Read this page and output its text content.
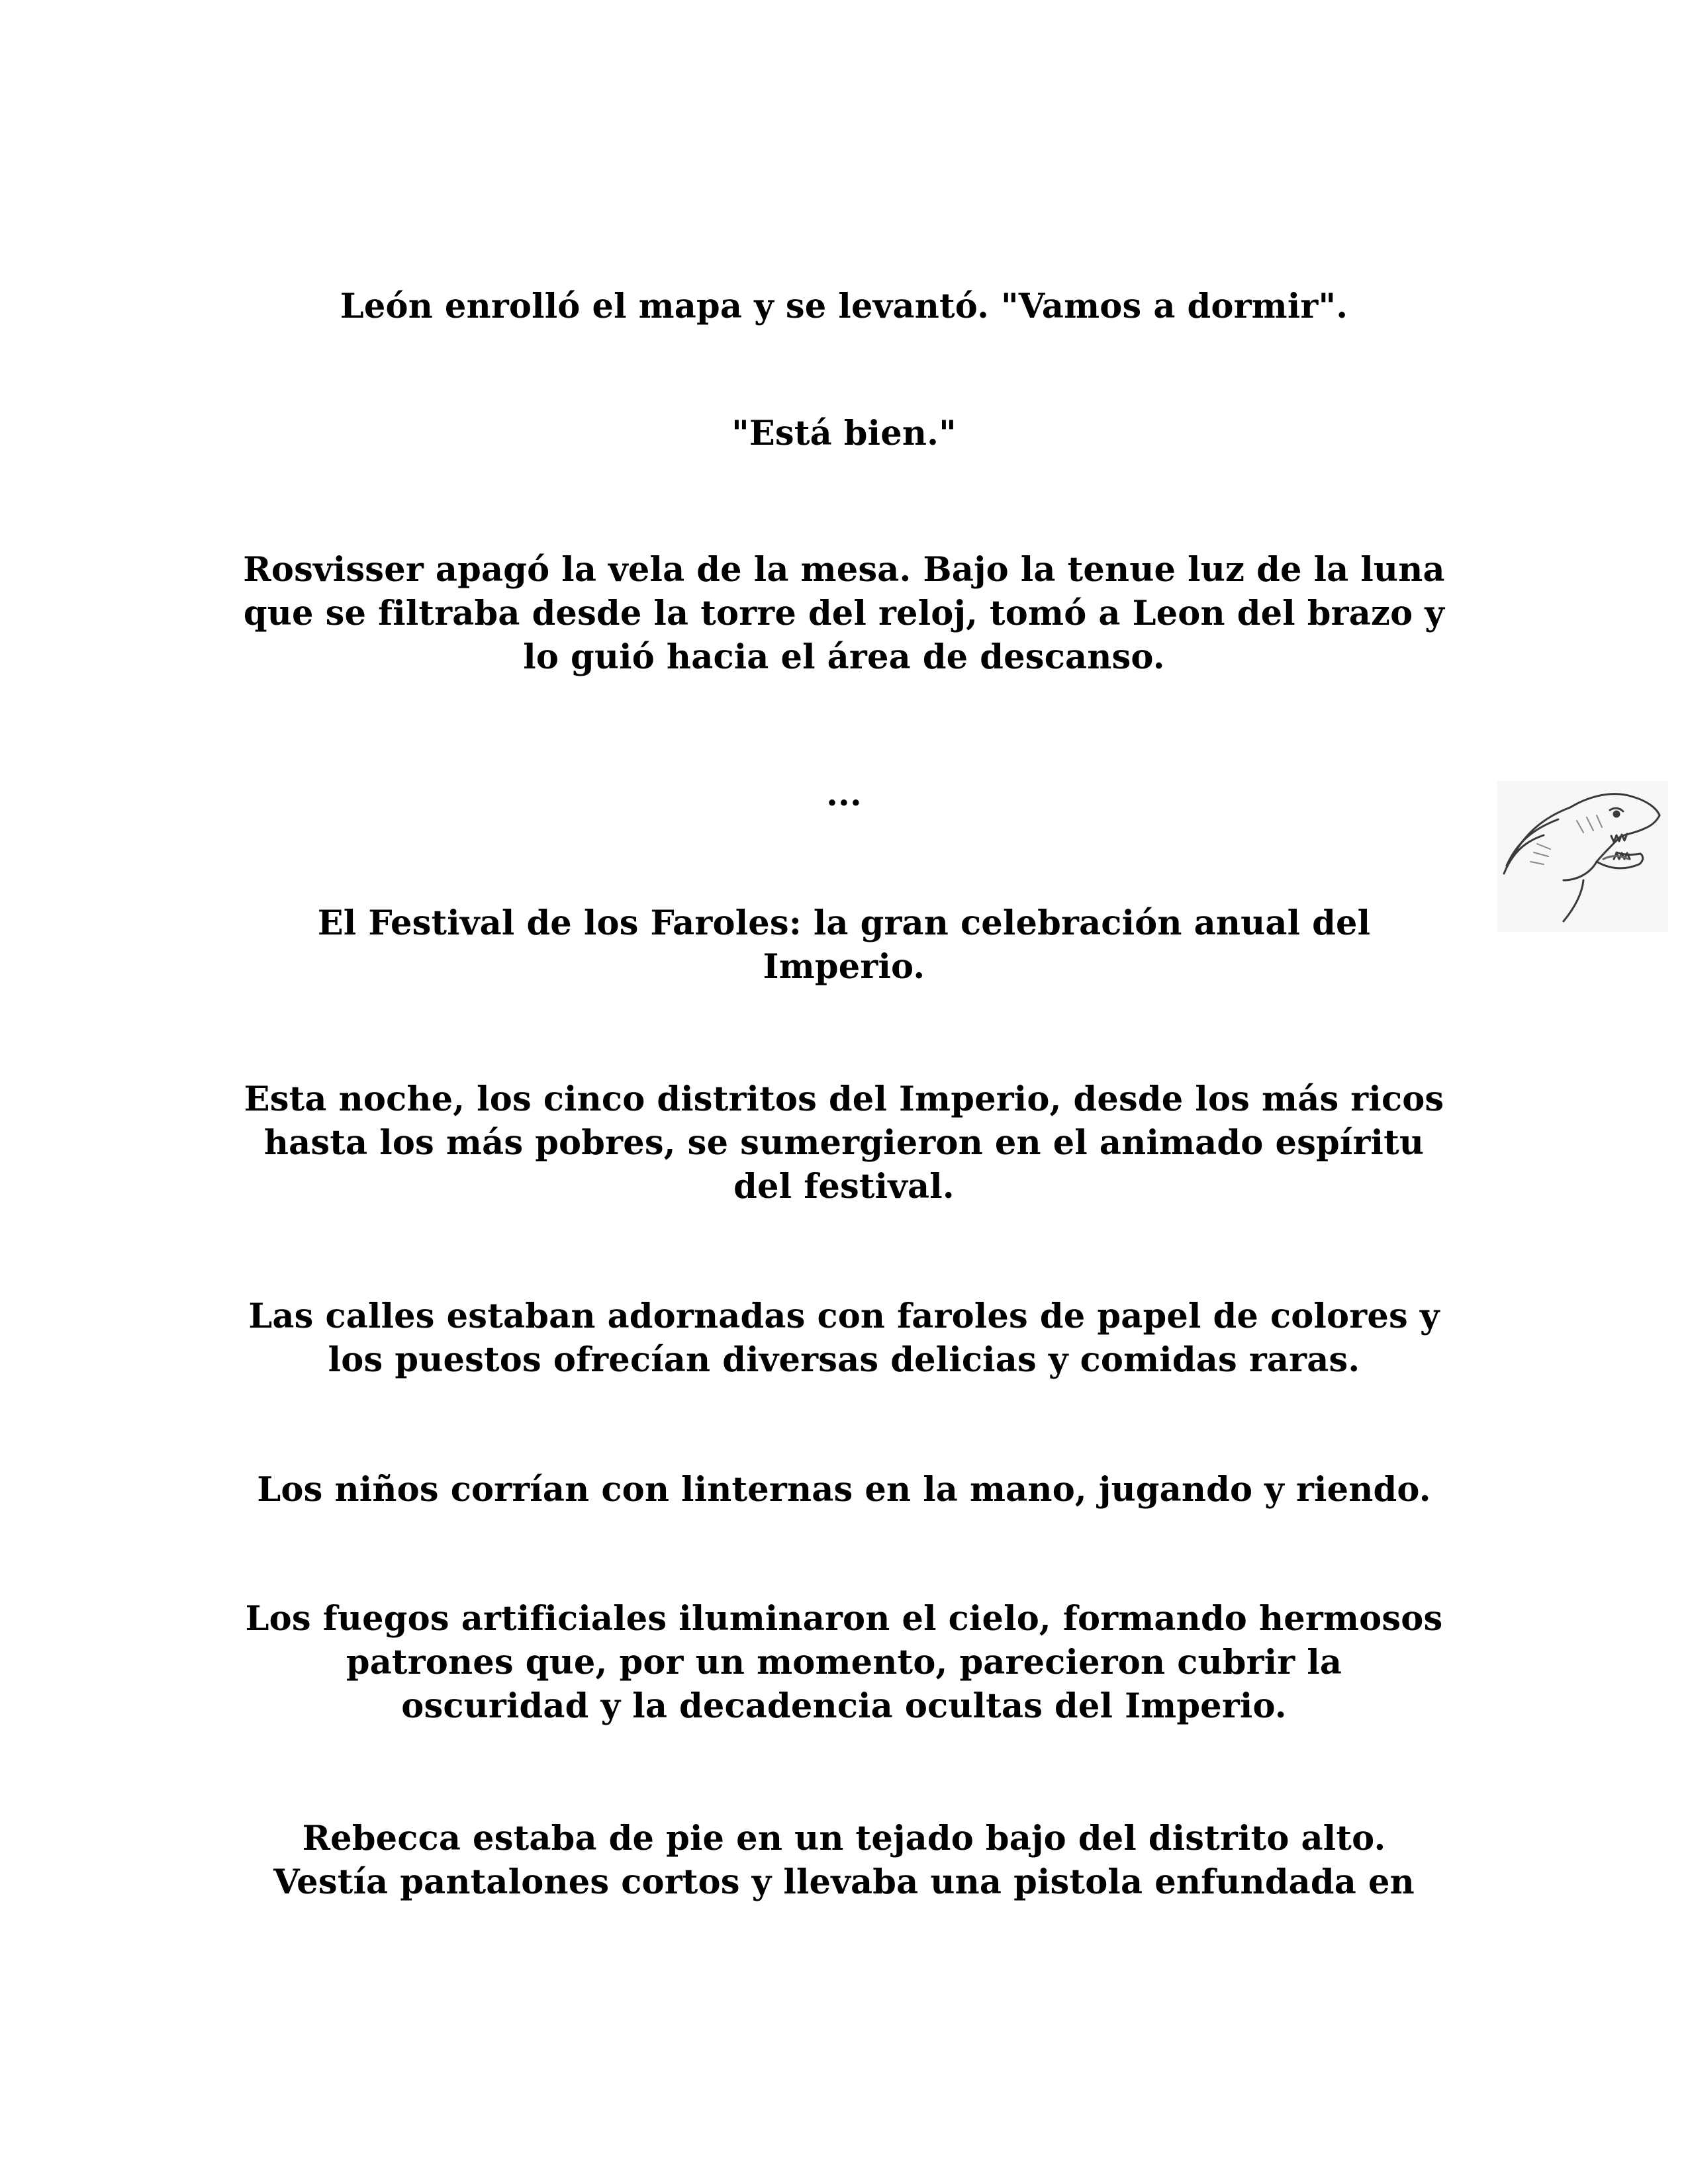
León enrolló el mapa y se levantó. "Vamos a dormir".
"Está bien."
Rosvisser apagó la vela de la mesa. Bajo la tenue luz de la luna
que se filtraba desde la torre del reloj, tomó a Leon del brazo y
lo guió hacia el área de descanso.
...
El Festival de los Faroles: la gran celebración anual del
Imperio.
Esta noche, los cinco distritos del Imperio, desde los más ricos
hasta los más pobres, se sumergieron en el animado espíritu
del festival.
Las calles estaban adornadas con faroles de papel de colores y
los puestos ofrecían diversas delicias y comidas raras.
Los niños corrían con linternas en la mano, jugando y riendo.
Los fuegos artificiales iluminaron el cielo, formando hermosos
patrones que, por un momento, parecieron cubrir la
oscuridad y la decadencia ocultas del Imperio.
Rebecca estaba de pie en un tejado bajo del distrito alto.
Vestía pantalones cortos y llevaba una pistola enfundada en
